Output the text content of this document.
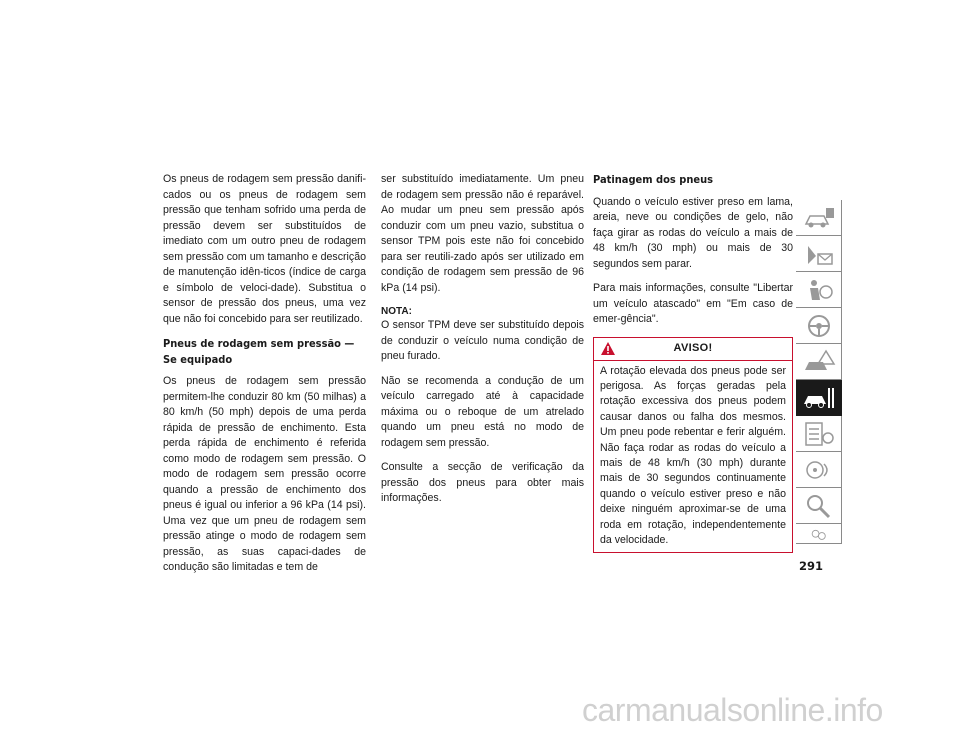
Os pneus de rodagem sem pressão danifi-cados ou os pneus de rodagem sem pressão que tenham sofrido uma perda de pressão devem ser substituídos de imediato com um outro pneu de rodagem sem pressão com um tamanho e descrição de manutenção idên-ticos (índice de carga e símbolo de veloci-dade). Substitua o sensor de pressão dos pneus, uma vez que não foi concebido para ser reutilizado.

Pneus de rodagem sem pressão — Se equipado

Os pneus de rodagem sem pressão permitem-lhe conduzir 80 km (50 milhas) a 80 km/h (50 mph) depois de uma perda rápida de pressão de enchimento. Esta perda rápida de enchimento é referida como modo de rodagem sem pressão. O modo de rodagem sem pressão ocorre quando a pressão de enchimento dos pneus é igual ou inferior a 96 kPa (14 psi). Uma vez que um pneu de rodagem sem pressão atinge o modo de rodagem sem pressão, as suas capaci-dades de condução são limitadas e tem de

ser substituído imediatamente. Um pneu de rodagem sem pressão não é reparável. Ao mudar um pneu sem pressão após conduzir com um pneu vazio, substitua o sensor TPM pois este não foi concebido para ser reutili-zado após ser utilizado em condição de rodagem sem pressão de 96 kPa (14 psi).

NOTA:

O sensor TPM deve ser substituído depois de conduzir o veículo numa condição de pneu furado.

Não se recomenda a condução de um veículo carregado até à capacidade máxima ou o reboque de um atrelado quando um pneu está no modo de rodagem sem pressão.

Consulte a secção de verificação da pressão dos pneus para obter mais informações.

Patinagem dos pneus

Quando o veículo estiver preso em lama, areia, neve ou condições de gelo, não faça girar as rodas do veículo a mais de 48 km/h (30 mph) ou mais de 30 segundos sem parar.

Para mais informações, consulte "Libertar um veículo atascado" em "Em caso de emer-gência".

AVISO!
A rotação elevada dos pneus pode ser perigosa. As forças geradas pela rotação excessiva dos pneus podem causar danos ou falha dos mesmos. Um pneu pode rebentar e ferir alguém. Não faça rodar as rodas do veículo a mais de 48 km/h (30 mph) durante mais de 30 segundos continuamente quando o veículo estiver preso e não deixe ninguém aproximar-se de uma roda em rotação, independentemente da velocidade.
291
carmanualsonline.info
